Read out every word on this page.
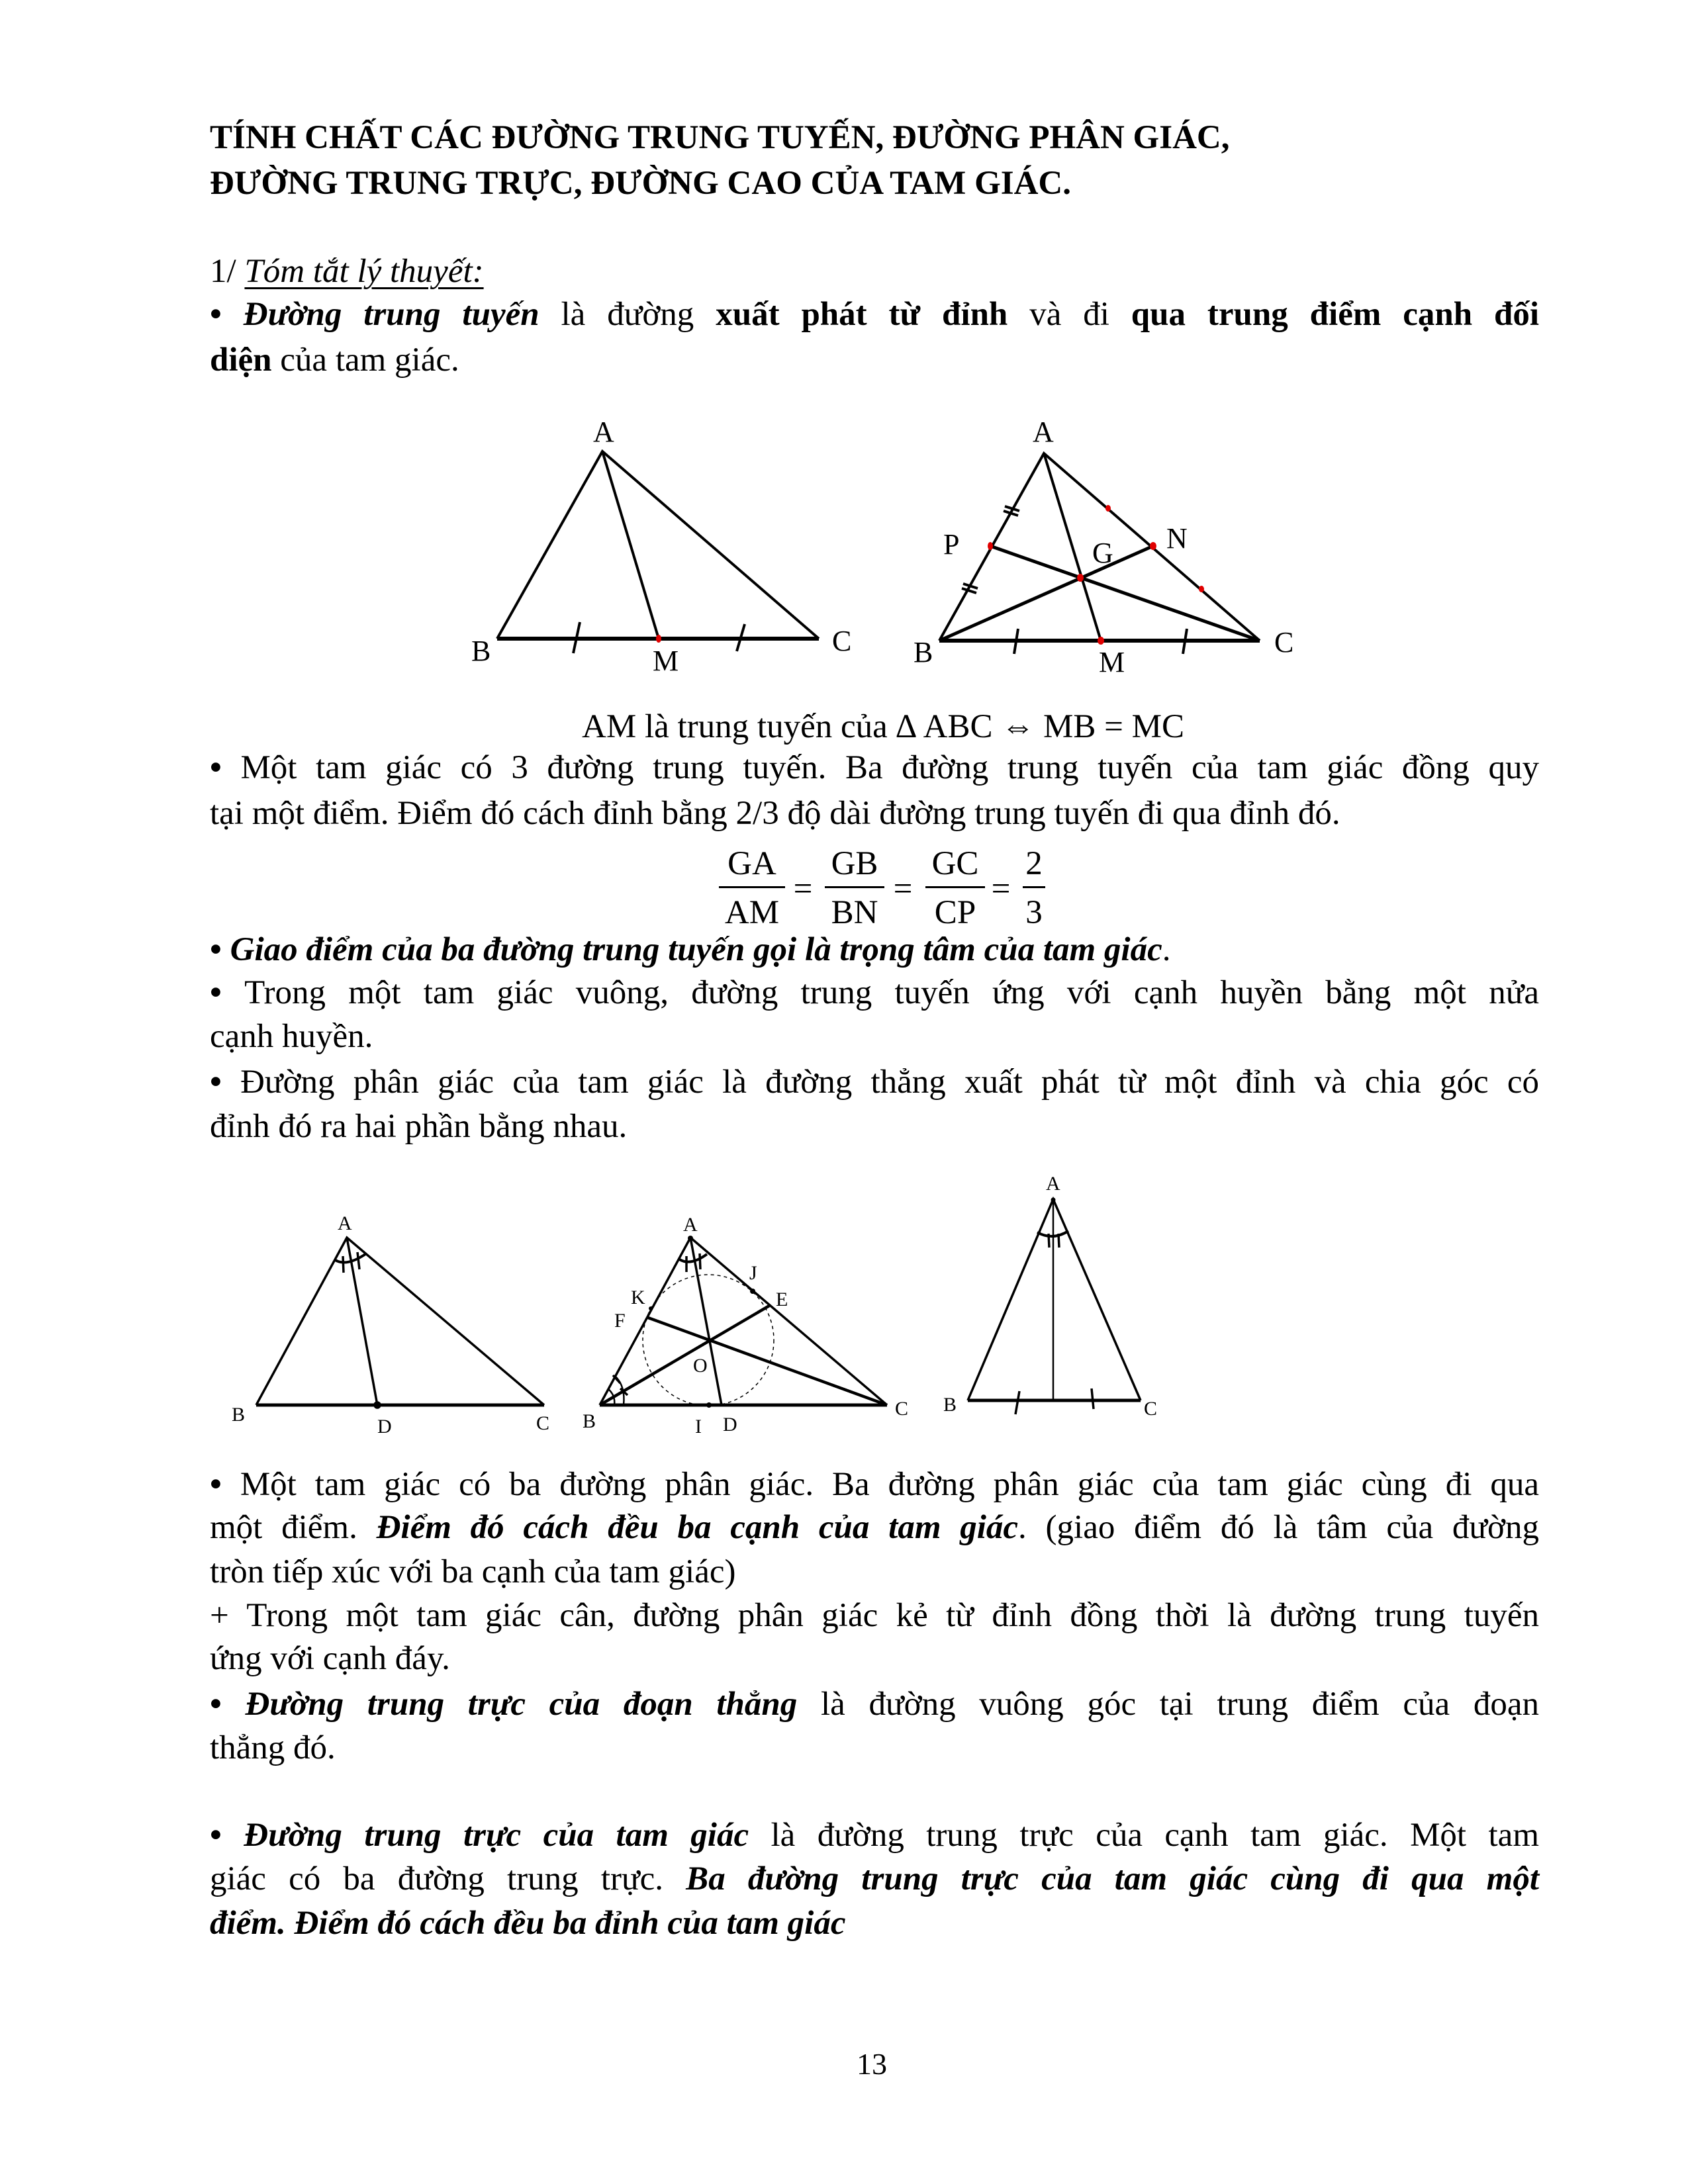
TÍNH CHẤT CÁC ĐƯỜNG TRUNG TUYẾN, ĐƯỜNG PHÂN GIÁC,
ĐƯỜNG TRUNG TRỰC, ĐƯỜNG CAO CỦA TAM GIÁC.
1/ Tóm tắt lý thuyết:
• Đường trung tuyến là đường xuất phát từ đỉnh và đi qua trung điểm cạnh đối
diện của tam giác.
AM là trung tuyến của ∆ ABC ⇔ MB = MC
• Một tam giác có 3 đường trung tuyến. Ba đường trung tuyến của tam giác đồng quy
tại một điểm. Điểm đó cách đỉnh bằng 2/3 độ dài đường trung tuyến đi qua đỉnh đó.
• Giao điểm của ba đường trung tuyến gọi là trọng tâm của tam giác.
• Trong một tam giác vuông, đường trung tuyến ứng với cạnh huyền bằng một nửa
cạnh huyền.
• Đường phân giác của tam giác là đường thẳng xuất phát từ một đỉnh và chia góc có
đỉnh đó ra hai phần bằng nhau.
• Một tam giác có ba đường phân giác. Ba đường phân giác của tam giác cùng đi qua
một điểm. Điểm đó cách đều ba cạnh của tam giác. (giao điểm đó là tâm của đường
tròn tiếp xúc với ba cạnh của tam giác)
+ Trong một tam giác cân, đường phân giác kẻ từ đỉnh đồng thời là đường trung tuyến
ứng với cạnh đáy.
• Đường trung trực của đoạn thẳng là đường vuông góc tại trung điểm của đoạn
thẳng đó.
• Đường trung trực của tam giác là đường trung trực của cạnh tam giác. Một tam
giác có ba đường trung trực. Ba đường trung trực của tam giác cùng đi qua một
điểm. Điểm đó cách đều ba đỉnh của tam giác
GA GB GC 2
= = =
AM BN CP 3
A
B	C
M
A
P	G N
B	M
C
A
B
D	C
A
J
K	E
F
O
B	I D
C
A
B	C
13
